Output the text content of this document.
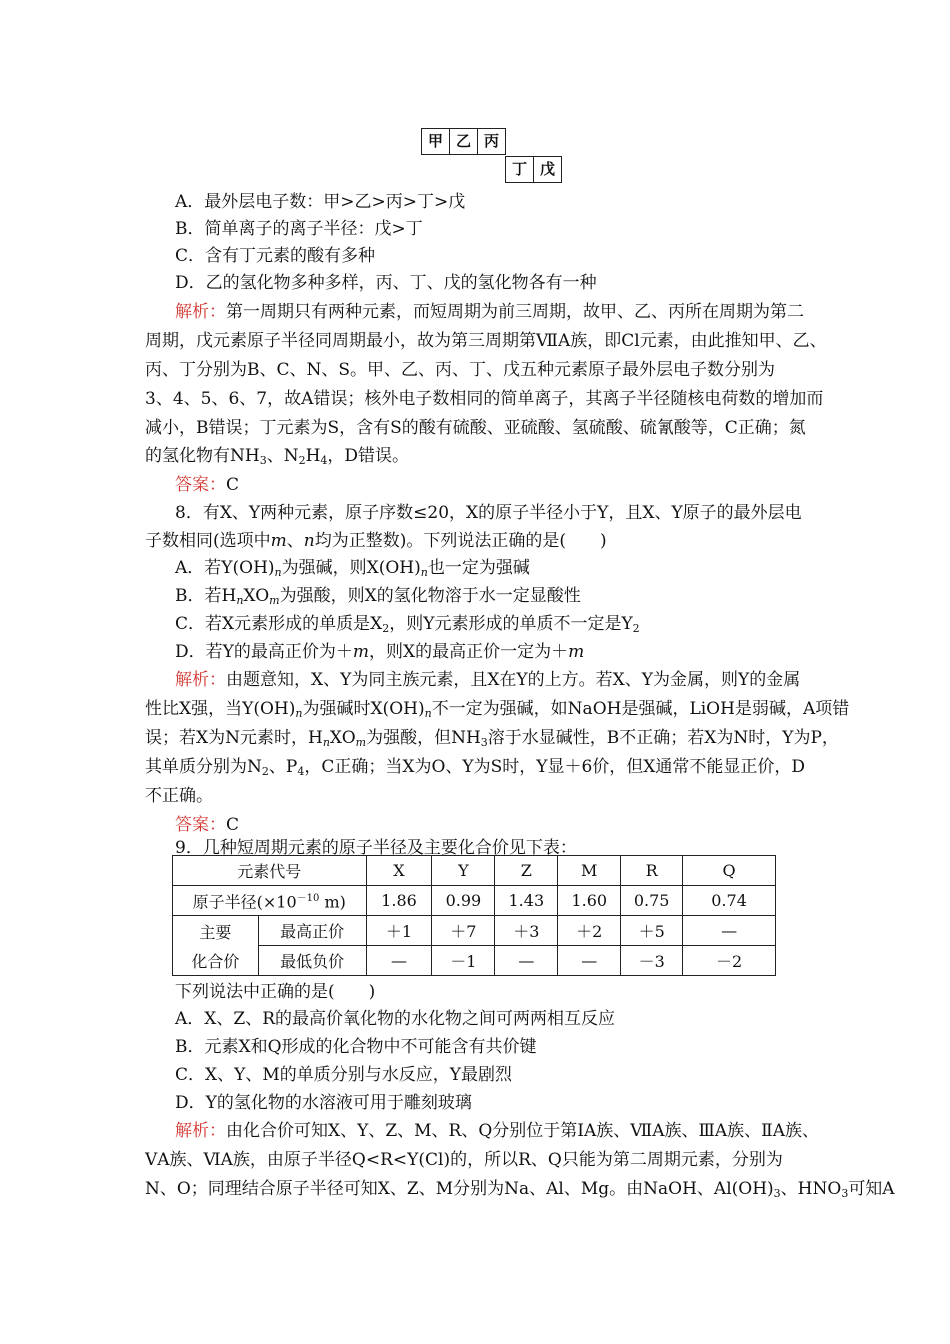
甲 乙 丙
丁 戊
A．最外层电子数：甲>乙>丙>丁>戊
B．简单离子的离子半径：戊>丁
C．含有丁元素的酸有多种
D．乙的氢化物多种多样，丙、丁、戊的氢化物各有一种
解析：第一周期只有两种元素，而短周期为前三周期，故甲、乙、丙所在周期为第二
周期，戊元素原子半径同周期最小，故为第三周期第ⅦA族，即Cl元素，由此推知甲、乙、
丙、丁分别为B、C、N、S。甲、乙、丙、丁、戊五种元素原子最外层电子数分别为
3、4、5、6、7，故A错误；核外电子数相同的简单离子，其离子半径随核电荷数的增加而
减小，B错误；丁元素为S，含有S的酸有硫酸、亚硫酸、氢硫酸、硫氰酸等，C正确；氮
的氢化物有$NH_3$、$N_2H_4$，D错误。
答案：C
8．有X、Y两种元素，原子序数≤20，X的原子半径小于Y，且X、Y原子的最外层电
子数相同(选项中m、n均为正整数)。下列说法正确的是(　　)
A．若$Y(OH)_n$为强碱，则$X(OH)_n$也一定为强碱
B．若$H_nXO_m$为强酸，则X的氢化物溶于水一定显酸性
C．若X元素形成的单质是$X_2$，则Y元素形成的单质不一定是$Y_2$
D．若Y的最高正价为＋m，则X的最高正价一定为＋m
解析：由题意知，X、Y为同主族元素，且X在Y的上方。若X、Y为金属，则Y的金属
性比X强，当$Y(OH)_n$为强碱时$X(OH)_n$不一定为强碱，如NaOH是强碱，LiOH是弱碱，A项错
误；若X为N元素时，$H_nXO_m$为强酸，但$NH_3$溶于水显碱性，B不正确；若X为N时，Y为P，
其单质分别为$N_2$、$P_4$，C正确；当X为O、Y为S时，Y显＋6价，但X通常不能显正价，D
不正确。
答案：C
9．几种短周期元素的原子半径及主要化合价见下表：
元素代号		X	Y	Z	M	R	Q
原子半径($\times 10^{-10}$ m)		1.86	0.99	1.43	1.60	0.75	0.74

主要
化合价	最高正价	＋1	＋7	＋3	＋2	＋5	—
	最低负价	—	－1	—	—	－3	－2
下列说法中正确的是(　　)
A．X、Z、R的最高价氧化物的水化物之间可两两相互反应
B．元素X和Q形成的化合物中不可能含有共价键
C．X、Y、M的单质分别与水反应，Y最剧烈
D．Y的氢化物的水溶液可用于雕刻玻璃
解析：由化合价可知X、Y、Z、M、R、Q分别位于第ⅠA族、ⅦA族、ⅢA族、ⅡA族、
ⅤA族、ⅥA族，由原子半径Q<R<Y(Cl)的，所以R、Q只能为第二周期元素，分别为
N、O；同理结合原子半径可知X、Z、M分别为Na、Al、Mg。由NaOH、$Al(OH)_3$、$HNO_3$可知A
